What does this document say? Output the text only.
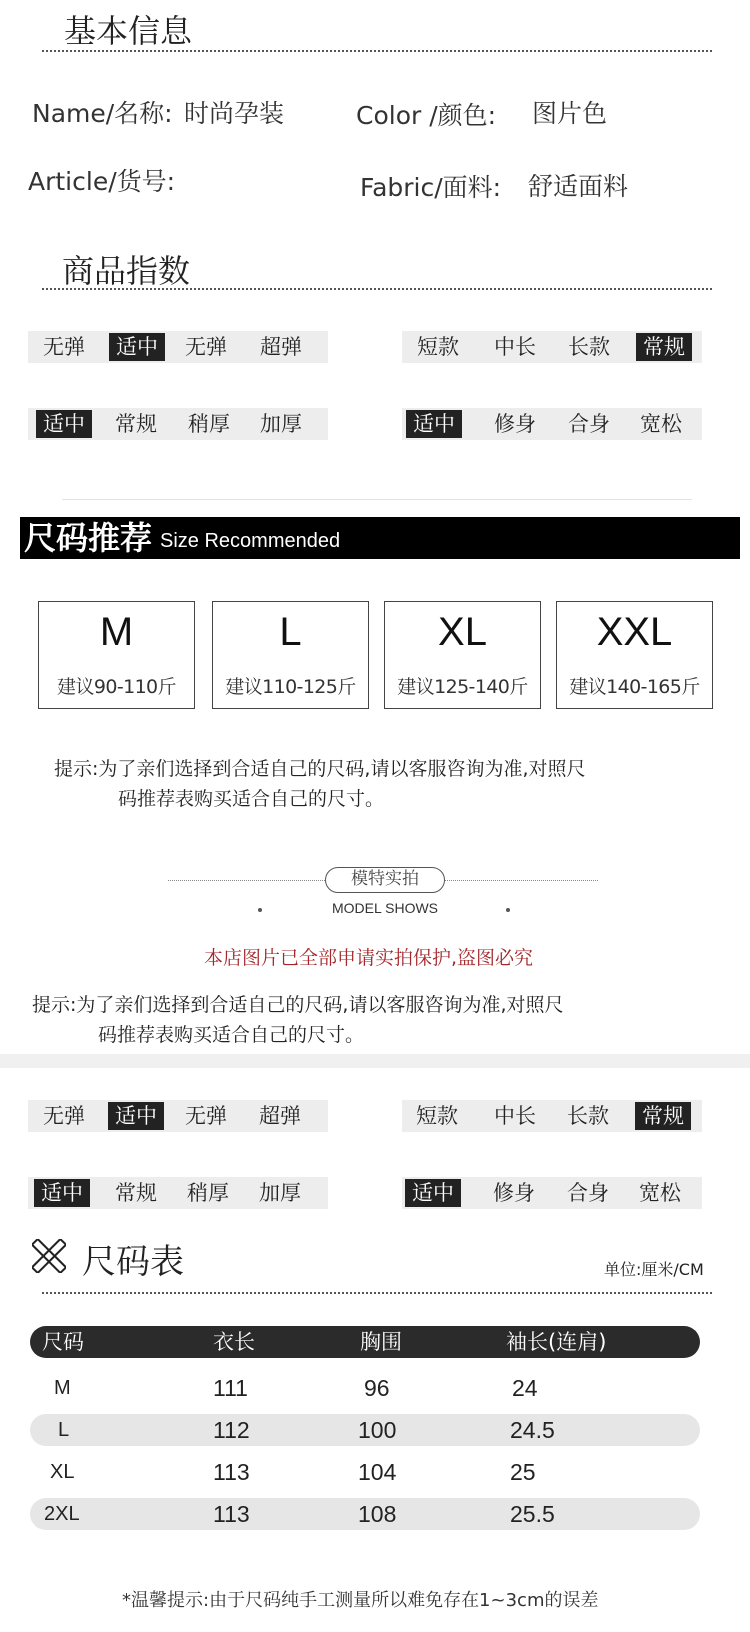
基本信息
Name/名称: 时尚孕装	Color /颜色: 图片色
Article/货号:	Fabric/面料: 舒适面料
商品指数
无弹	适中	无弹	超弹	短款	中长	长款	常规
适中	常规	稍厚	加厚	适中	修身	合身	宽松
尺码推荐 Size Recommended
M
建议90-110斤
L
建议110-125斤
XL
建议125-140斤
XXL
建议140-165斤
提示:为了亲们选择到合适自己的尺码,请以客服咨询为准,对照尺
码推荐表购买适合自己的尺寸。
模特实拍
MODEL SHOWS
本店图片已全部申请实拍保护,盗图必究
提示:为了亲们选择到合适自己的尺码,请以客服咨询为准,对照尺
码推荐表购买适合自己的尺寸。
无弹	适中	无弹	超弹	短款	中长	长款	常规
适中	常规	稍厚	加厚	适中	修身	合身	宽松
尺码表	单位:厘米/CM
尺码	衣长	胸围	袖长(连肩)
M	111	96	24
L	112	100	24.5
XL	113	104	25
2XL	113	108	25.5
*温馨提示:由于尺码纯手工测量所以难免存在1~3cm的误差
